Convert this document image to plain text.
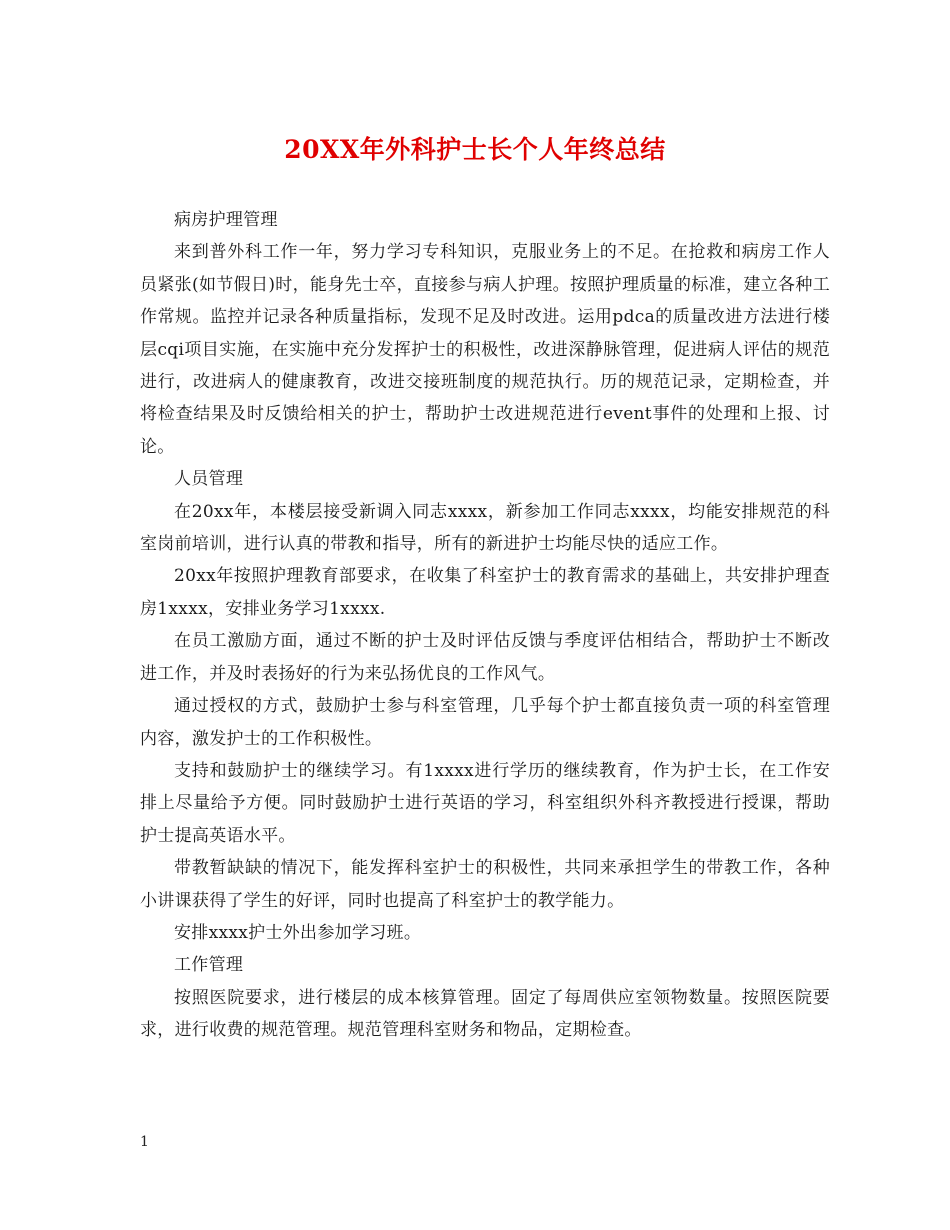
20XX年外科护士长个人年终总结

病房护理管理

来到普外科工作一年，努力学习专科知识，克服业务上的不足。在抢救和病房工作人员紧张(如节假日)时，能身先士卒，直接参与病人护理。按照护理质量的标准，建立各种工作常规。监控并记录各种质量指标，发现不足及时改进。运用pdca的质量改进方法进行楼层cqi项目实施，在实施中充分发挥护士的积极性，改进深静脉管理，促进病人评估的规范进行，改进病人的健康教育，改进交接班制度的规范执行。历的规范记录，定期检查，并将检查结果及时反馈给相关的护士，帮助护士改进规范进行event事件的处理和上报、讨论。

人员管理

在20xx年，本楼层接受新调入同志xxxx，新参加工作同志xxxx，均能安排规范的科室岗前培训，进行认真的带教和指导，所有的新进护士均能尽快的适应工作。

20xx年按照护理教育部要求，在收集了科室护士的教育需求的基础上，共安排护理查房1xxxx，安排业务学习1xxxx.

在员工激励方面，通过不断的护士及时评估反馈与季度评估相结合，帮助护士不断改进工作，并及时表扬好的行为来弘扬优良的工作风气。

通过授权的方式，鼓励护士参与科室管理，几乎每个护士都直接负责一项的科室管理内容，激发护士的工作积极性。

支持和鼓励护士的继续学习。有1xxxx进行学历的继续教育，作为护士长，在工作安排上尽量给予方便。同时鼓励护士进行英语的学习，科室组织外科齐教授进行授课，帮助护士提高英语水平。

带教暂缺缺的情况下，能发挥科室护士的积极性，共同来承担学生的带教工作，各种小讲课获得了学生的好评，同时也提高了科室护士的教学能力。

安排xxxx护士外出参加学习班。

工作管理

按照医院要求，进行楼层的成本核算管理。固定了每周供应室领物数量。按照医院要求，进行收费的规范管理。规范管理科室财务和物品，定期检查。

1
